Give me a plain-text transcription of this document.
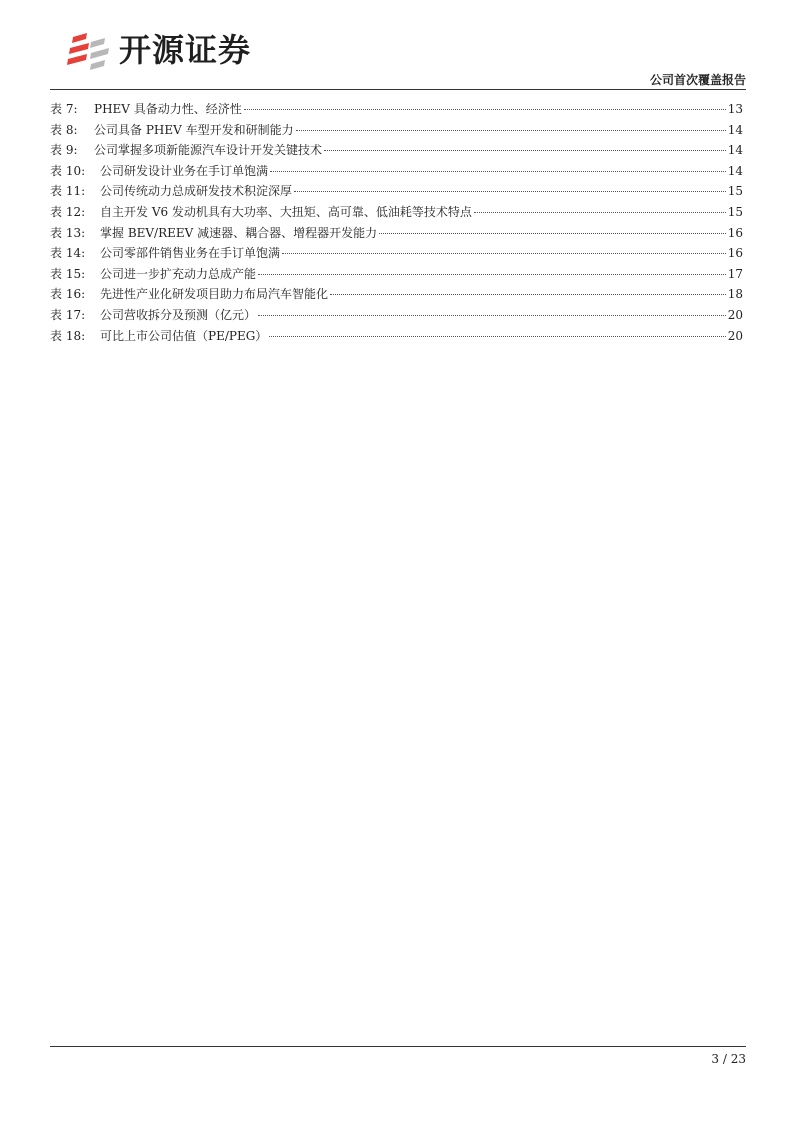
开源证券
公司首次覆盖报告
表 7:	PHEV 具备动力性、经济性	13
表 8:	公司具备 PHEV 车型开发和研制能力	14
表 9:	公司掌握多项新能源汽车设计开发关键技术	14
表 10:	公司研发设计业务在手订单饱满	14
表 11:	公司传统动力总成研发技术积淀深厚	15
表 12:	自主开发 V6 发动机具有大功率、大扭矩、高可靠、低油耗等技术特点	15
表 13:	掌握 BEV/REEV 减速器、耦合器、增程器开发能力	16
表 14:	公司零部件销售业务在手订单饱满	16
表 15:	公司进一步扩充动力总成产能	17
表 16:	先进性产业化研发项目助力布局汽车智能化	18
表 17:	公司营收拆分及预测（亿元）	20
表 18:	可比上市公司估值（PE/PEG）	20
3 / 23
